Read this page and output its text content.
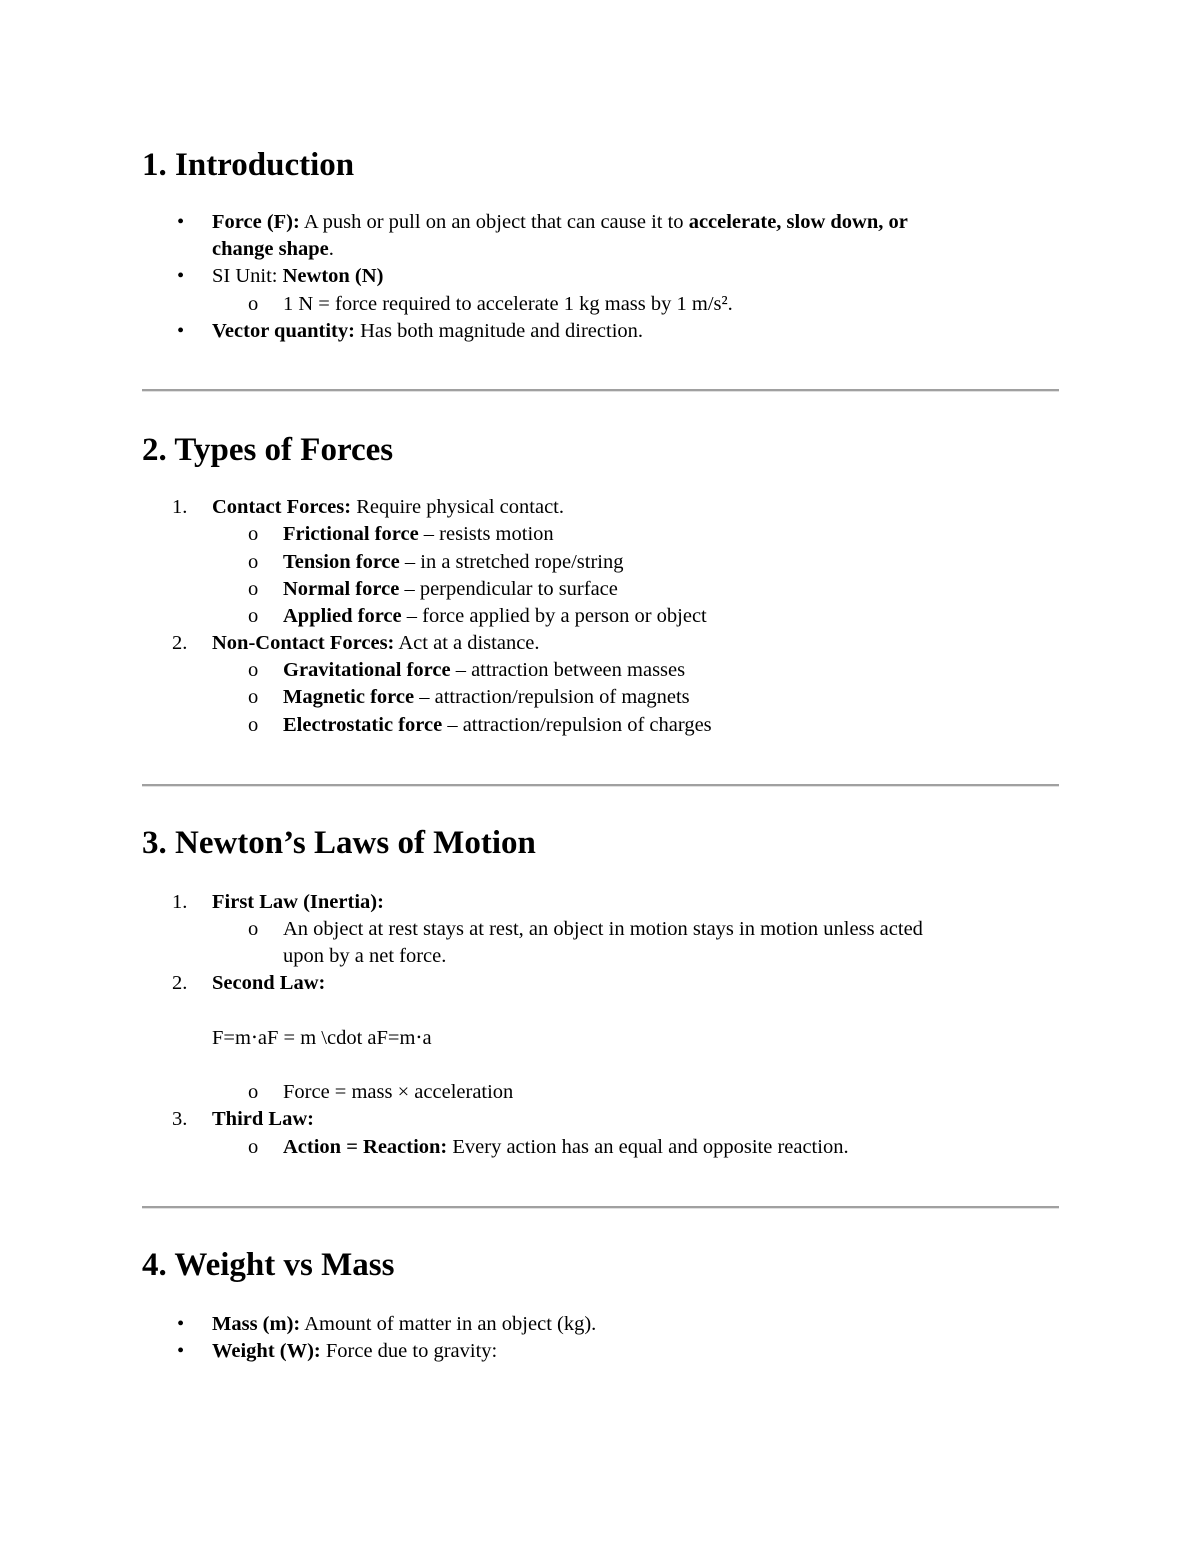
1. Introduction
• Force (F): A push or pull on an object that can cause it to accelerate, slow down, or
change shape.
• SI Unit: Newton (N)
o 1 N = force required to accelerate 1 kg mass by 1 m/s².
• Vector quantity: Has both magnitude and direction.
2. Types of Forces
1.	Contact Forces: Require physical contact.
o Frictional force – resists motion
o Tension force – in a stretched rope/string
o Normal force – perpendicular to surface
o Applied force – force applied by a person or object
2.	Non-Contact Forces: Act at a distance.
o Gravitational force – attraction between masses
o Magnetic force – attraction/repulsion of magnets
o Electrostatic force – attraction/repulsion of charges
3. Newton’s Laws of Motion
1.	First Law (Inertia):
o An object at rest stays at rest, an object in motion stays in motion unless acted
upon by a net force.
2.	Second Law:
F=m⋅aF = m \cdot aF=m⋅a
o Force = mass × acceleration
3.	Third Law:
o Action = Reaction: Every action has an equal and opposite reaction.
4. Weight vs Mass
• Mass (m): Amount of matter in an object (kg).
• Weight (W): Force due to gravity:
